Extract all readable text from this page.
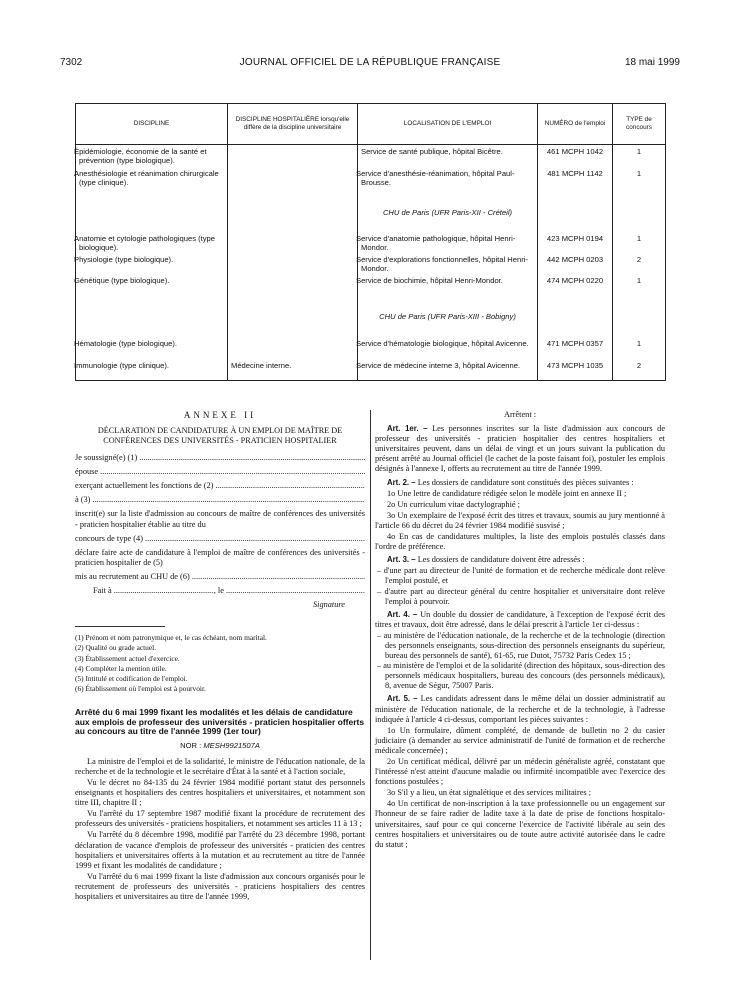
7302	JOURNAL OFFICIEL DE LA RÉPUBLIQUE FRANÇAISE	18 mai 1999
DISCIPLINE	DISCIPLINE HOSPITALIÈRE lorsqu'elle diffère de la discipline universitaire	LOCALISATION DE L'EMPLOI	NUMÉRO de l'emploi	TYPE de concours
Épidémiologie, économie de la santé et prévention (type biologique).		Service de santé publique, hôpital Bicêtre.	461 MCPH 1042	1
Anesthésiologie et réanimation chirurgicale (type clinique).		Service d'anesthésie-réanimation, hôpital Paul-Brousse.	481 MCPH 1142	1
		CHU de Paris (UFR Paris-XII - Créteil)		
Anatomie et cytologie pathologiques (type biologique).		Service d'anatomie pathologique, hôpital Henri-Mondor.	423 MCPH 0194	1
Physiologie (type biologique).		Service d'explorations fonctionnelles, hôpital Henri-Mondor.	442 MCPH 0203	2
Génétique (type biologique).		Service de biochimie, hôpital Henri-Mondor.	474 MCPH 0220	1
		CHU de Paris (UFR Paris-XIII - Bobigny)		
Hématologie (type biologique).		Service d'hématologie biologique, hôpital Avicenne.	471 MCPH 0357	1
Immunologie (type clinique).	Médecine interne.	Service de médecine interne 3, hôpital Avicenne.	473 MCPH 1035	2
ANNEXE II
DÉCLARATION DE CANDIDATURE À UN EMPLOI DE MAÎTRE DE CONFÉRENCES DES UNIVERSITÉS - PRATICIEN HOSPITALIER
Je soussigné(e) (1)

.....
épouse

.....
exerçant actuellement les fonctions de (2)

.....
à (3)

.....
inscrit(e) sur la liste d'admission au concours de maître de conférences des universités - praticien hospitalier établie au titre du
concours de type (4)

.....
déclare faire acte de candidature à l'emploi de maître de conférences des universités - praticien hospitalier de (5)
mis au recrutement au CHU de (6)

.....
Fait à
.....	, le

.....
Signature
(1) Prénom et nom patronymique et, le cas échéant, nom marital.
(2) Qualité ou grade actuel.
(3) Établissement actuel d'exercice.
(4) Compléter la mention utile.
(5) Intitulé et codification de l'emploi.
(6) Établissement où l'emploi est à pourvoir.
Arrêté du 6 mai 1999 fixant les modalités et les délais de candidature aux emplois de professeur des universités - praticien hospitalier offerts au concours au titre de l'année 1999 (1er tour)
NOR : MESH9921507A

La ministre de l'emploi et de la solidarité, le ministre de l'éducation nationale, de la recherche et de la technologie et le secrétaire d'État à la santé et à l'action sociale,

Vu le décret no 84-135 du 24 février 1984 modifié portant statut des personnels enseignants et hospitaliers des centres hospitaliers et universitaires, et notamment son titre III, chapitre II ;

Vu l'arrêté du 17 septembre 1987 modifié fixant la procédure de recrutement des professeurs des universités - praticiens hospitaliers, et notamment ses articles 11 à 13 ;

Vu l'arrêté du 8 décembre 1998, modifié par l'arrêté du 23 décembre 1998, portant déclaration de vacance d'emplois de professeur des universités - praticien des centres hospitaliers et universitaires offerts à la mutation et au recrutement au titre de l'année 1999 et fixant les modalités de candidature ;

Vu l'arrêté du 6 mai 1999 fixant la liste d'admission aux concours organisés pour le recrutement de professeurs des universités - praticiens hospitaliers des centres hospitaliers et universitaires au titre de l'année 1999,

Arrêtent :

Art. 1er. – Les personnes inscrites sur la liste d'admission aux concours de professeur des universités - praticien hospitalier des centres hospitaliers et universitaires peuvent, dans un délai de vingt et un jours suivant la publication du présent arrêté au Journal officiel (le cachet de la poste faisant foi), postuler les emplois désignés à l'annexe I, offerts au recrutement au titre de l'année 1999.

Art. 2. – Les dossiers de candidature sont constitués des pièces suivantes :

1o Une lettre de candidature rédigée selon le modèle joint en annexe II ;
2o Un curriculum vitae dactylographié ;
3o Un exemplaire de l'exposé écrit des titres et travaux, soumis au jury mentionné à l'article 66 du décret du 24 février 1984 modifié susvisé ;
4o En cas de candidatures multiples, la liste des emplois postulés classés dans l'ordre de préférence.

Art. 3. – Les dossiers de candidature doivent être adressés :

– d'une part au directeur de l'unité de formation et de recherche médicale dont relève l'emploi postulé, et
– d'autre part au directeur général du centre hospitalier et universitaire dont relève l'emploi à pourvoir.

Art. 4. – Un double du dossier de candidature, à l'exception de l'exposé écrit des titres et travaux, doit être adressé, dans le délai prescrit à l'article 1er ci-dessus :

– au ministère de l'éducation nationale, de la recherche et de la technologie (direction des personnels enseignants, sous-direction des personnels enseignants du supérieur, bureau des personnels de santé), 61-65, rue Dutot, 75732 Paris Cedex 15 ;
– au ministère de l'emploi et de la solidarité (direction des hôpitaux, sous-direction des personnels médicaux hospitaliers, bureau des concours (des personnels médicaux), 8, avenue de Ségur, 75007 Paris.

Art. 5. – Les candidats adressent dans le même délai un dossier administratif au ministère de l'éducation nationale, de la recherche et de la technologie, à l'adresse indiquée à l'article 4 ci-dessus, comportant les pièces suivantes :

1o Un formulaire, dûment complété, de demande de bulletin no 2 du casier judiciaire (à demander au service administratif de l'unité de formation et de recherche médicale concernée) ;
2o Un certificat médical, délivré par un médecin généraliste agréé, constatant que l'intéressé n'est atteint d'aucune maladie ou infirmité incompatible avec l'exercice des fonctions postulées ;
3o S'il y a lieu, un état signalétique et des services militaires ;
4o Un certificat de non-inscription à la taxe professionnelle ou un engagement sur l'honneur de se faire radier de ladite taxe à la date de prise de fonctions hospitalo-universitaires, sauf pour ce qui concerne l'exercice de l'activité libérale au sein des centres hospitaliers et universitaires ou de toute autre activité autorisée dans le cadre du statut ;
